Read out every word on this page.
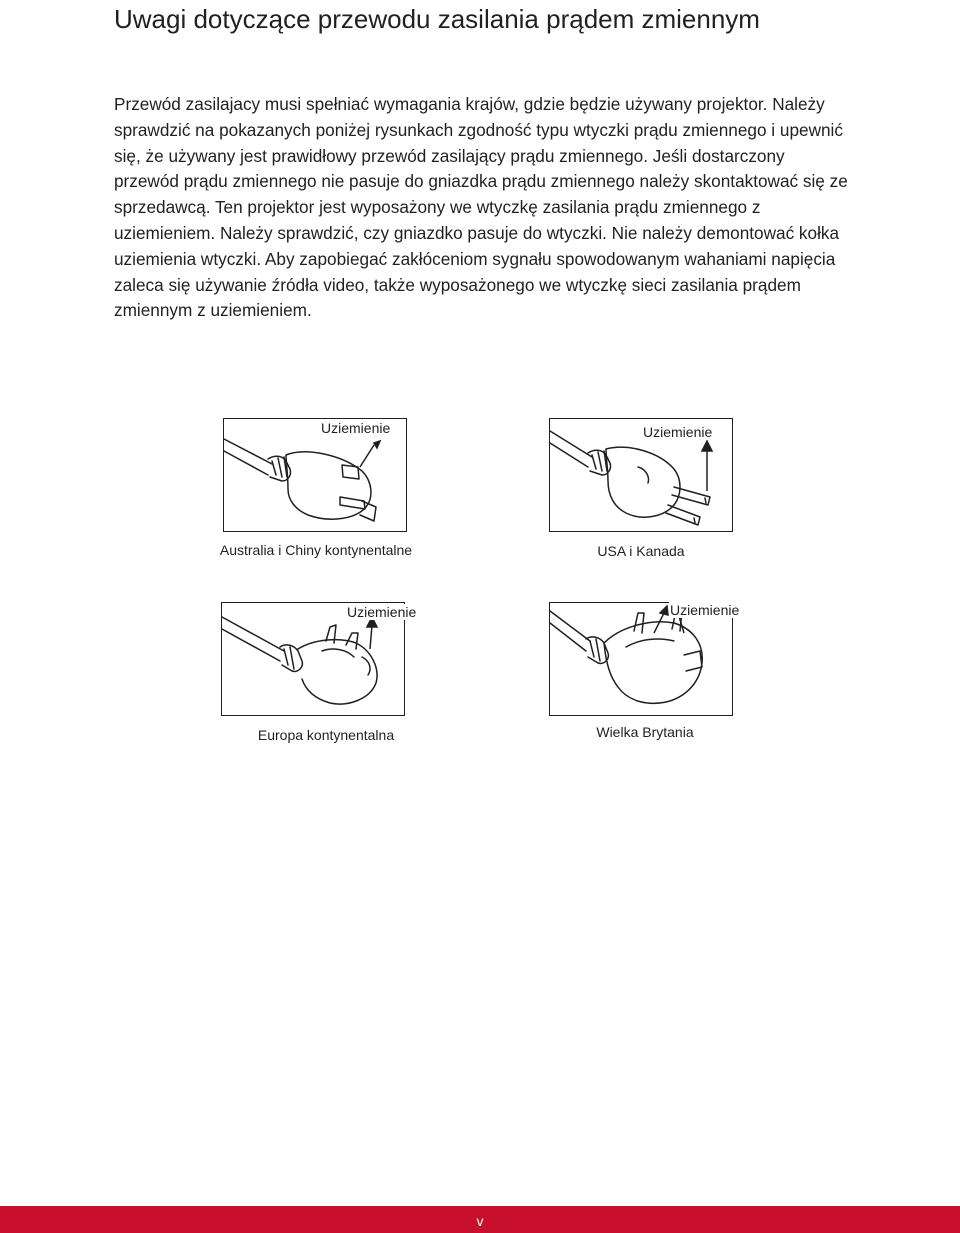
Uwagi dotyczące przewodu zasilania prądem zmiennym

Przewód zasilajacy musi spełniać wymagania krajów, gdzie będzie używany projektor. Należy sprawdzić na pokazanych poniżej rysunkach zgodność typu wtyczki prądu zmiennego i upewnić się, że używany jest prawidłowy przewód zasilający prądu zmiennego. Jeśli dostarczony przewód prądu zmiennego nie pasuje do gniazdka prądu zmiennego należy skontaktować się ze sprzedawcą. Ten projektor jest wyposażony we wtyczkę zasilania prądu zmiennego z uziemieniem. Należy sprawdzić, czy gniazdko pasuje do wtyczki. Nie należy demontować kołka uziemienia wtyczki. Aby zapobiegać zakłóceniom sygnału spowodowanym wahaniami napięcia zaleca się używanie źródła video, także wyposażonego we wtyczkę sieci zasilania prądem zmiennym z uziemieniem.

Uziemienie
Australia i Chiny kontynentalne
Uziemienie
USA i Kanada
Uziemienie
Europa kontynentalna
Uziemienie
Wielka Brytania
v
